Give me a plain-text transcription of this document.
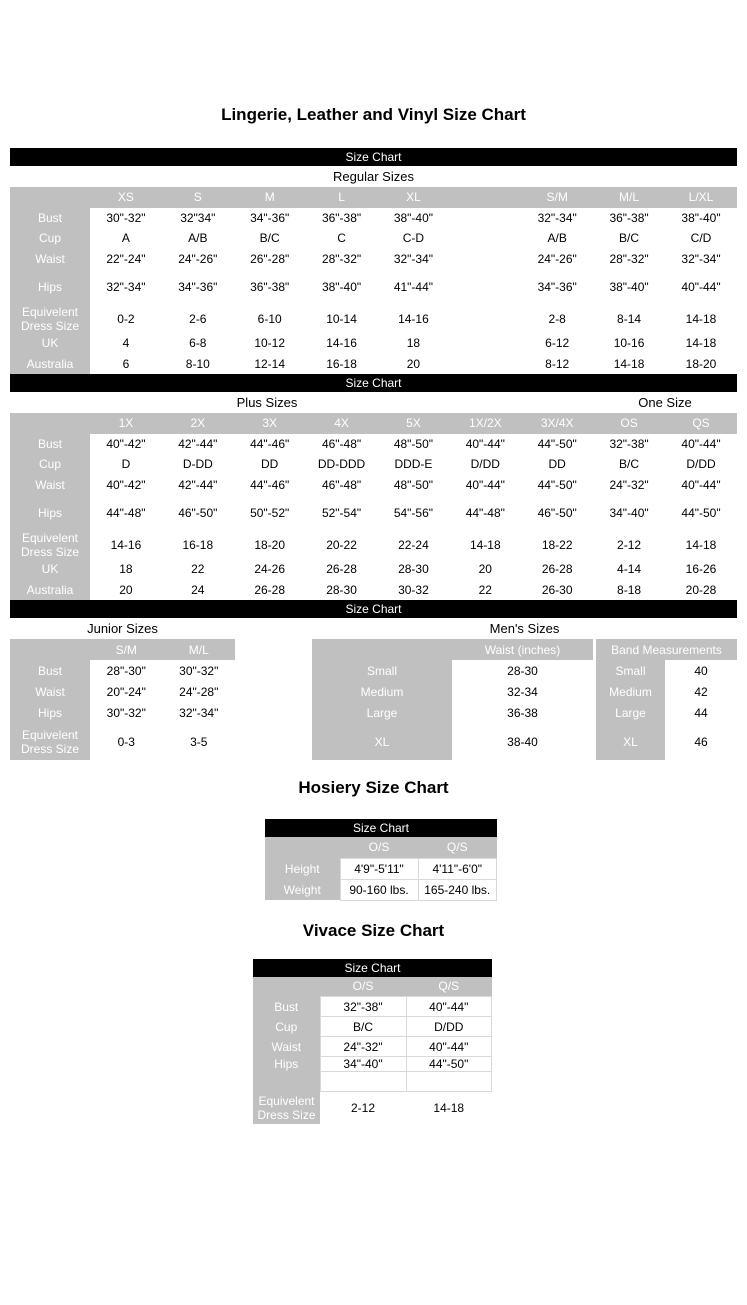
Lingerie, Leather and Vinyl Size Chart
Size Chart
Regular Sizes
	XS	S	M	L	XL		S/M	M/L	L/XL
Bust	30"-32"	32"34"	34"-36"	36"-38"	38"-40"		32"-34"	36"-38"	38"-40"
Cup	A	A/B	B/C	C	C-D		A/B	B/C	C/D
Waist	22"-24"	24"-26"	26"-28"	28"-32"	32"-34"		24"-26"	28"-32"	32"-34"
Hips	32"-34"	34"-36"	36"-38"	38"-40"	41"-44"		34"-36"	38"-40"	40"-44"
Equivelent Dress Size	0-2	2-6	6-10	10-14	14-16		2-8	8-14	14-18
UK	4	6-8	10-12	14-16	18		6-12	10-16	14-18
Australia	6	8-10	12-14	16-18	20		8-12	14-18	18-20
Size Chart
Plus Sizes	One Size
	1X	2X	3X	4X	5X	1X/2X	3X/4X	OS	QS
Bust	40"-42"	42"-44"	44"-46"	46"-48"	48"-50"	40"-44"	44"-50"	32"-38"	40"-44"
Cup	D	D-DD	DD	DD-DDD	DDD-E	D/DD	DD	B/C	D/DD
Waist	40"-42"	42"-44"	44"-46"	46"-48"	48"-50"	40"-44"	44"-50"	24"-32"	40"-44"
Hips	44"-48"	46"-50"	50"-52"	52"-54"	54"-56"	44"-48"	46"-50"	34"-40"	44"-50"
Equivelent Dress Size	14-16	16-18	18-20	20-22	22-24	14-18	18-22	2-12	14-18
UK	18	22	24-26	26-28	28-30	20	26-28	4-14	16-26
Australia	20	24	26-28	28-30	30-32	22	26-30	8-18	20-28
Size Chart
Junior Sizes	Men's Sizes
	S/M	M/L
Bust	28"-30"	30"-32"
Waist	20"-24"	24"-28"
Hips	30"-32"	32"-34"
Equivelent Dress Size	0-3	3-5
	Waist (inches)
Small	28-30
Medium	32-34
Large	36-38
XL	38-40
Band Measurements	
Small	40
Medium	42
Large	44
XL	46
Hosiery Size Chart
Size Chart
	O/S	Q/S
Height	4'9"-5'11"	4'11"-6'0"
Weight	90-160 lbs.	165-240 lbs.
Vivace Size Chart
Size Chart
	O/S	Q/S
Bust	32"-38"	40"-44"
Cup	B/C	D/DD
Waist	24"-32"	40"-44"
Hips	34"-40"	44"-50"

Equivelent Dress Size	2-12	14-18
